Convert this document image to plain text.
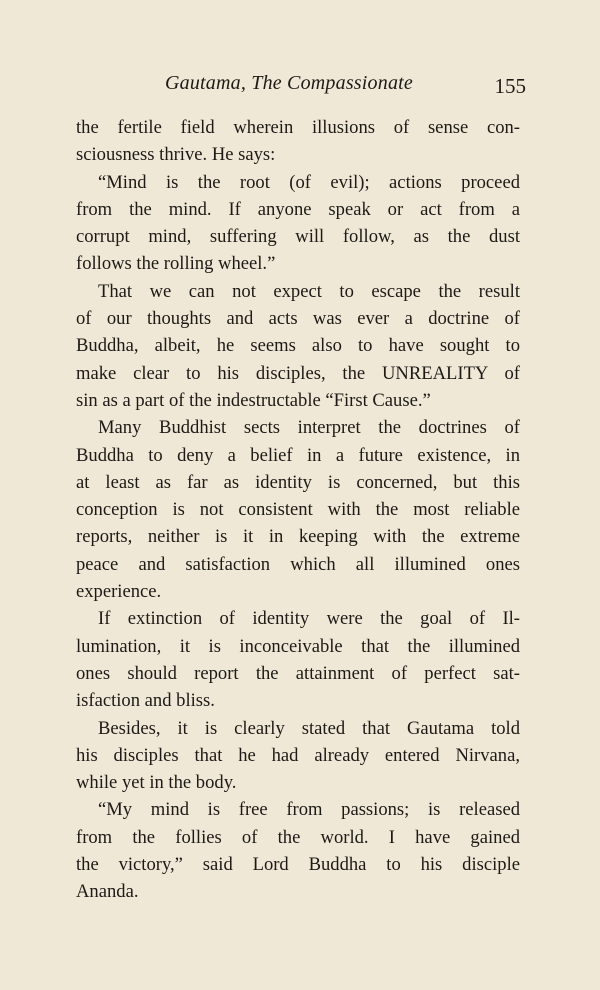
Gautama, The Compassionate	155
the fertile field wherein illusions of sense con-
sciousness thrive. He says:
“Mind is the root (of evil); actions proceed
from the mind. If anyone speak or act from a
corrupt mind, suffering will follow, as the dust
follows the rolling wheel.”
That we can not expect to escape the result
of our thoughts and acts was ever a doctrine of
Buddha, albeit, he seems also to have sought to
make clear to his disciples, the UNREALITY of
sin as a part of the indestructable “First Cause.”
Many Buddhist sects interpret the doctrines of
Buddha to deny a belief in a future existence, in
at least as far as identity is concerned, but this
conception is not consistent with the most reliable
reports, neither is it in keeping with the extreme
peace and satisfaction which all illumined ones
experience.
If extinction of identity were the goal of Il-
lumination, it is inconceivable that the illumined
ones should report the attainment of perfect sat-
isfaction and bliss.
Besides, it is clearly stated that Gautama told
his disciples that he had already entered Nirvana,
while yet in the body.
“My mind is free from passions; is released
from the follies of the world. I have gained
the victory,” said Lord Buddha to his disciple
Ananda.
